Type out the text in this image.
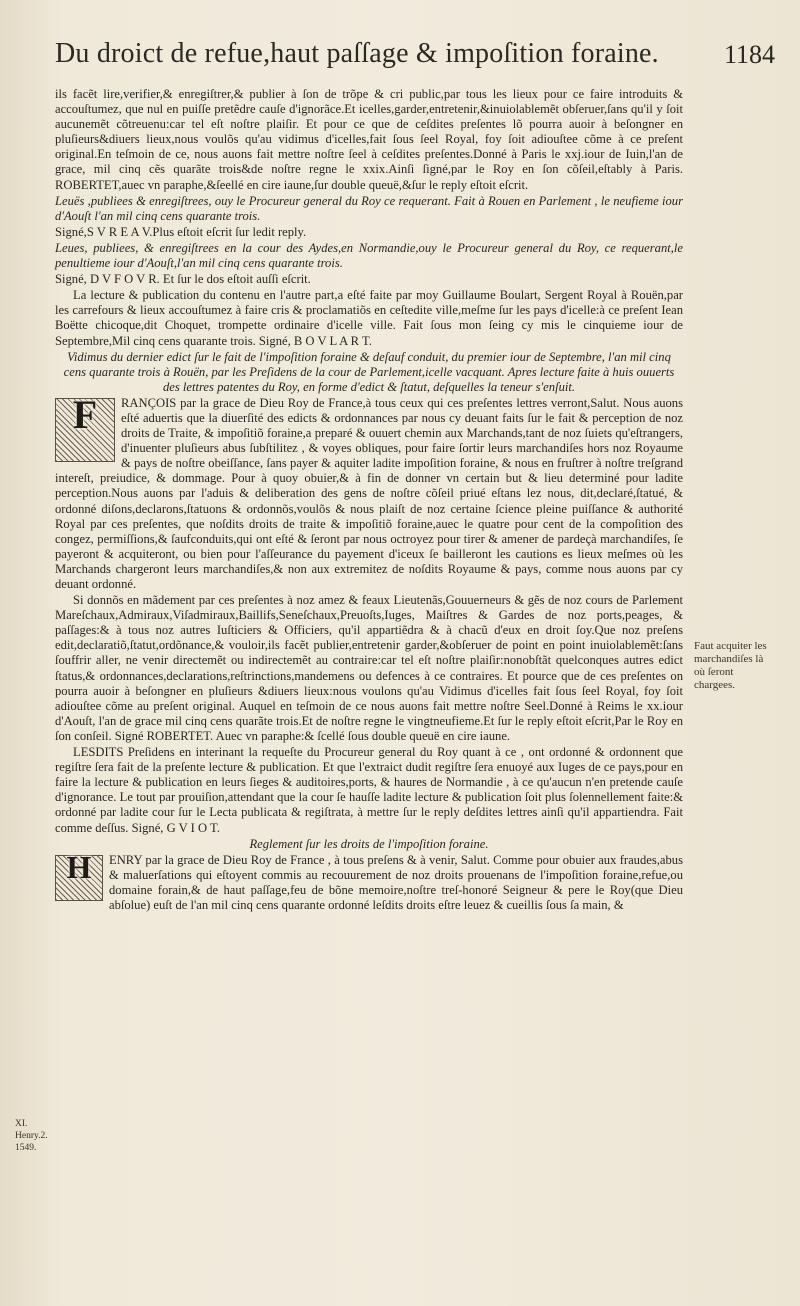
Du droict de refue,haut paſſage & impoſition foraine.	1184

ils facẽt lire,verifier,& enregiſtrer,& publier à ſon de trõpe & cri public,par tous les lieux pour ce faire introduits & accouſtumez, que nul en puiſſe pretẽdre cauſe d'ignorãce.Et icelles,garder,entretenir,&inuiolablemẽt obſeruer,ſans qu'il y ſoit aucunemẽt cõtreuenu:car tel eſt noſtre plaiſir. Et pour ce que de ceſdites preſentes lõ pourra auoir à beſongner en pluſieurs&diuers lieux,nous voulõs qu'au vidimus d'icelles,fait ſous ſeel Royal, foy ſoit adiouſtee cõme à ce preſent original.En teſmoin de ce, nous auons fait mettre noſtre ſeel à ceſdites preſentes.Donné à Paris le xxj.iour de Iuin,l'an de grace, mil cinq cẽs quarãte trois&de noſtre regne le xxix.Ainſi ſigné,par le Roy en ſon cõſeil,eſtably à Paris. ROBERTET,auec vn paraphe,&ſeellé en cire iaune,ſur double queuë,&ſur le reply eſtoit eſcrit.

Leuës ,publiees & enregiſtrees, ouy le Procureur general du Roy ce requerant. Fait à Rouen en Parlement , le neufieme iour d'Aouſt l'an mil cinq cens quarante trois.

Signé,S V R E A V.Plus eſtoit eſcrit ſur ledit reply.

Leues, publiees, & enregiſtrees en la cour des Aydes,en Normandie,ouy le Procureur general du Roy, ce requerant,le penultieme iour d'Aouſt,l'an mil cinq cens quarante trois.

Signé, D V F O V R. Et ſur le dos eſtoit auſſi eſcrit.

La lecture & publication du contenu en l'autre part,a eſté faite par moy Guillaume Boulart, Sergent Royal à Rouën,par les carrefours & lieux accouſtumez à faire cris & proclamatiõs en ceſtedite ville,meſme ſur les pays d'icelle:à ce preſent Iean Boëtte chicoque,dit Choquet, trompette ordinaire d'icelle ville. Fait ſous mon ſeing cy mis le cinquieme iour de Septembre,Mil cinq cens quarante trois. Signé, B O V L A R T.

Vidimus du dernier edict ſur le fait de l'impoſition foraine & deſauf conduit, du premier iour de Septembre, l'an mil cinq cens quarante trois à Rouën, par les Preſidens de la cour de Parlement,icelle vacquant. Apres lecture faite à huis ouuerts des lettres patentes du Roy, en forme d'edict & ſtatut, deſquelles la teneur s'enſuit.

F	RANÇOIS par la grace de Dieu Roy de France,à tous ceux qui ces preſentes lettres verront,Salut. Nous auons eſté aduertis que la diuerſité des edicts & ordonnances par nous cy deuant faits ſur le fait & perception de noz droits de Traite, & impoſitiõ foraine,a preparé & ouuert chemin aux Marchands,tant de noz ſuiets qu'eſtrangers, d'inuenter pluſieurs abus ſubſtilitez , & voyes obliques, pour faire ſortir leurs marchandiſes hors noz Royaume & pays de noſtre obeiſſance, ſans payer & aquiter ladite impoſition foraine, & nous en fruſtrer à noſtre treſgrand intereſt, preiudice, & dommage. Pour à quoy obuier,& à fin de donner vn certain but & lieu determiné pour ladite perception.Nous auons par l'aduis & deliberation des gens de noſtre cõſeil priué eſtans lez nous, dit,declaré,ſtatué, & ordonné diſons,declarons,ſtatuons & ordonnõs,voulõs & nous plaiſt de noz certaine ſcience pleine puiſſance & authorité Royal par ces preſentes, que noſdits droits de traite & impoſitiõ foraine,auec le quatre pour cent de la compoſition des congez, permiſſions,& ſaufconduits,qui ont eſté & ſeront par nous octroyez pour tirer & amener de pardeçà marchandiſes, ſe payeront & acquiteront, ou bien pour l'aſſeurance du payement d'iceux ſe bailleront les cautions es lieux meſmes où les Marchands chargeront leurs marchandiſes,& non aux extremitez de noſdits Royaume & pays, comme nous auons par cy deuant ordonné.

Si donnõs en mãdement par ces preſentes à noz amez & feaux Lieutenãs,Gouuerneurs & gẽs de noz cours de Parlement Mareſchaux,Admiraux,Viſadmiraux,Baillifs,Seneſchaux,Preuoſts,Iuges, Maiſtres & Gardes de noz ports,peages, & paſſages:& à tous noz autres Iuſticiers & Officiers, qu'il appartiẽdra & à chacũ d'eux en droit ſoy.Que noz preſens edit,declaratiõ,ſtatut,ordõnance,& vouloir,ils facẽt publier,entretenir garder,&obſeruer de point en point inuiolablemẽt:ſans ſouffrir aller, ne venir directemẽt ou indirectemẽt au contraire:car tel eſt noſtre plaiſir:nonobſtãt quelconques autres edict ſtatus,& ordonnances,declarations,reſtrinctions,mandemens ou defences à ce contraires. Et pource que de ces preſentes on pourra auoir à beſongner en pluſieurs &diuers lieux:nous voulons qu'au Vidimus d'icelles fait ſous ſeel Royal, foy ſoit adiouſtee cõme au preſent original. Auquel en teſmoin de ce nous auons fait mettre noſtre Seel.Donné à Reims le xx.iour d'Aouſt, l'an de grace mil cinq cens quarãte trois.Et de noſtre regne le vingtneufieme.Et ſur le reply eſtoit eſcrit,Par le Roy en ſon conſeil. Signé ROBERTET. Auec vn paraphe:& ſcellé ſous double queuë en cire iaune.

LESDITS Preſidens en interinant la requeſte du Procureur general du Roy quant à ce , ont ordonné & ordonnent que regiſtre ſera fait de la preſente lecture & publication. Et que l'extraict dudit regiſtre ſera enuoyé aux Iuges de ce pays,pour en faire la lecture & publication en leurs ſieges & auditoires,ports, & haures de Normandie , à ce qu'aucun n'en pretende cauſe d'ignorance. Le tout par prouiſion,attendant que la cour ſe hauſſe ladite lecture & publication ſoit plus ſolennellement faite:& ordonné par ladite cour ſur le Lecta publicata & regiſtrata, à mettre ſur le reply deſdites lettres ainſi qu'il appartiendra. Fait comme deſſus. Signé, G V I O T.

Reglement ſur les droits de l'impoſition foraine.

H	ENRY par la grace de Dieu Roy de France , à tous preſens & à venir, Salut. Comme pour obuier aux fraudes,abus & maluerſations qui eſtoyent commis au recouurement de noz droits prouenans de l'impoſition foraine,refue,ou domaine forain,& de haut paſſage,feu de bõne memoire,noſtre treſ-honoré Seigneur & pere le Roy(que Dieu abſolue) euſt de l'an mil cinq cens quarante ordonné leſdits droits eſtre leuez & cueillis ſous ſa main, &

Faut acquiter les marchandiſes là où ſeront chargees.
XI. Henry.2. 1549.
